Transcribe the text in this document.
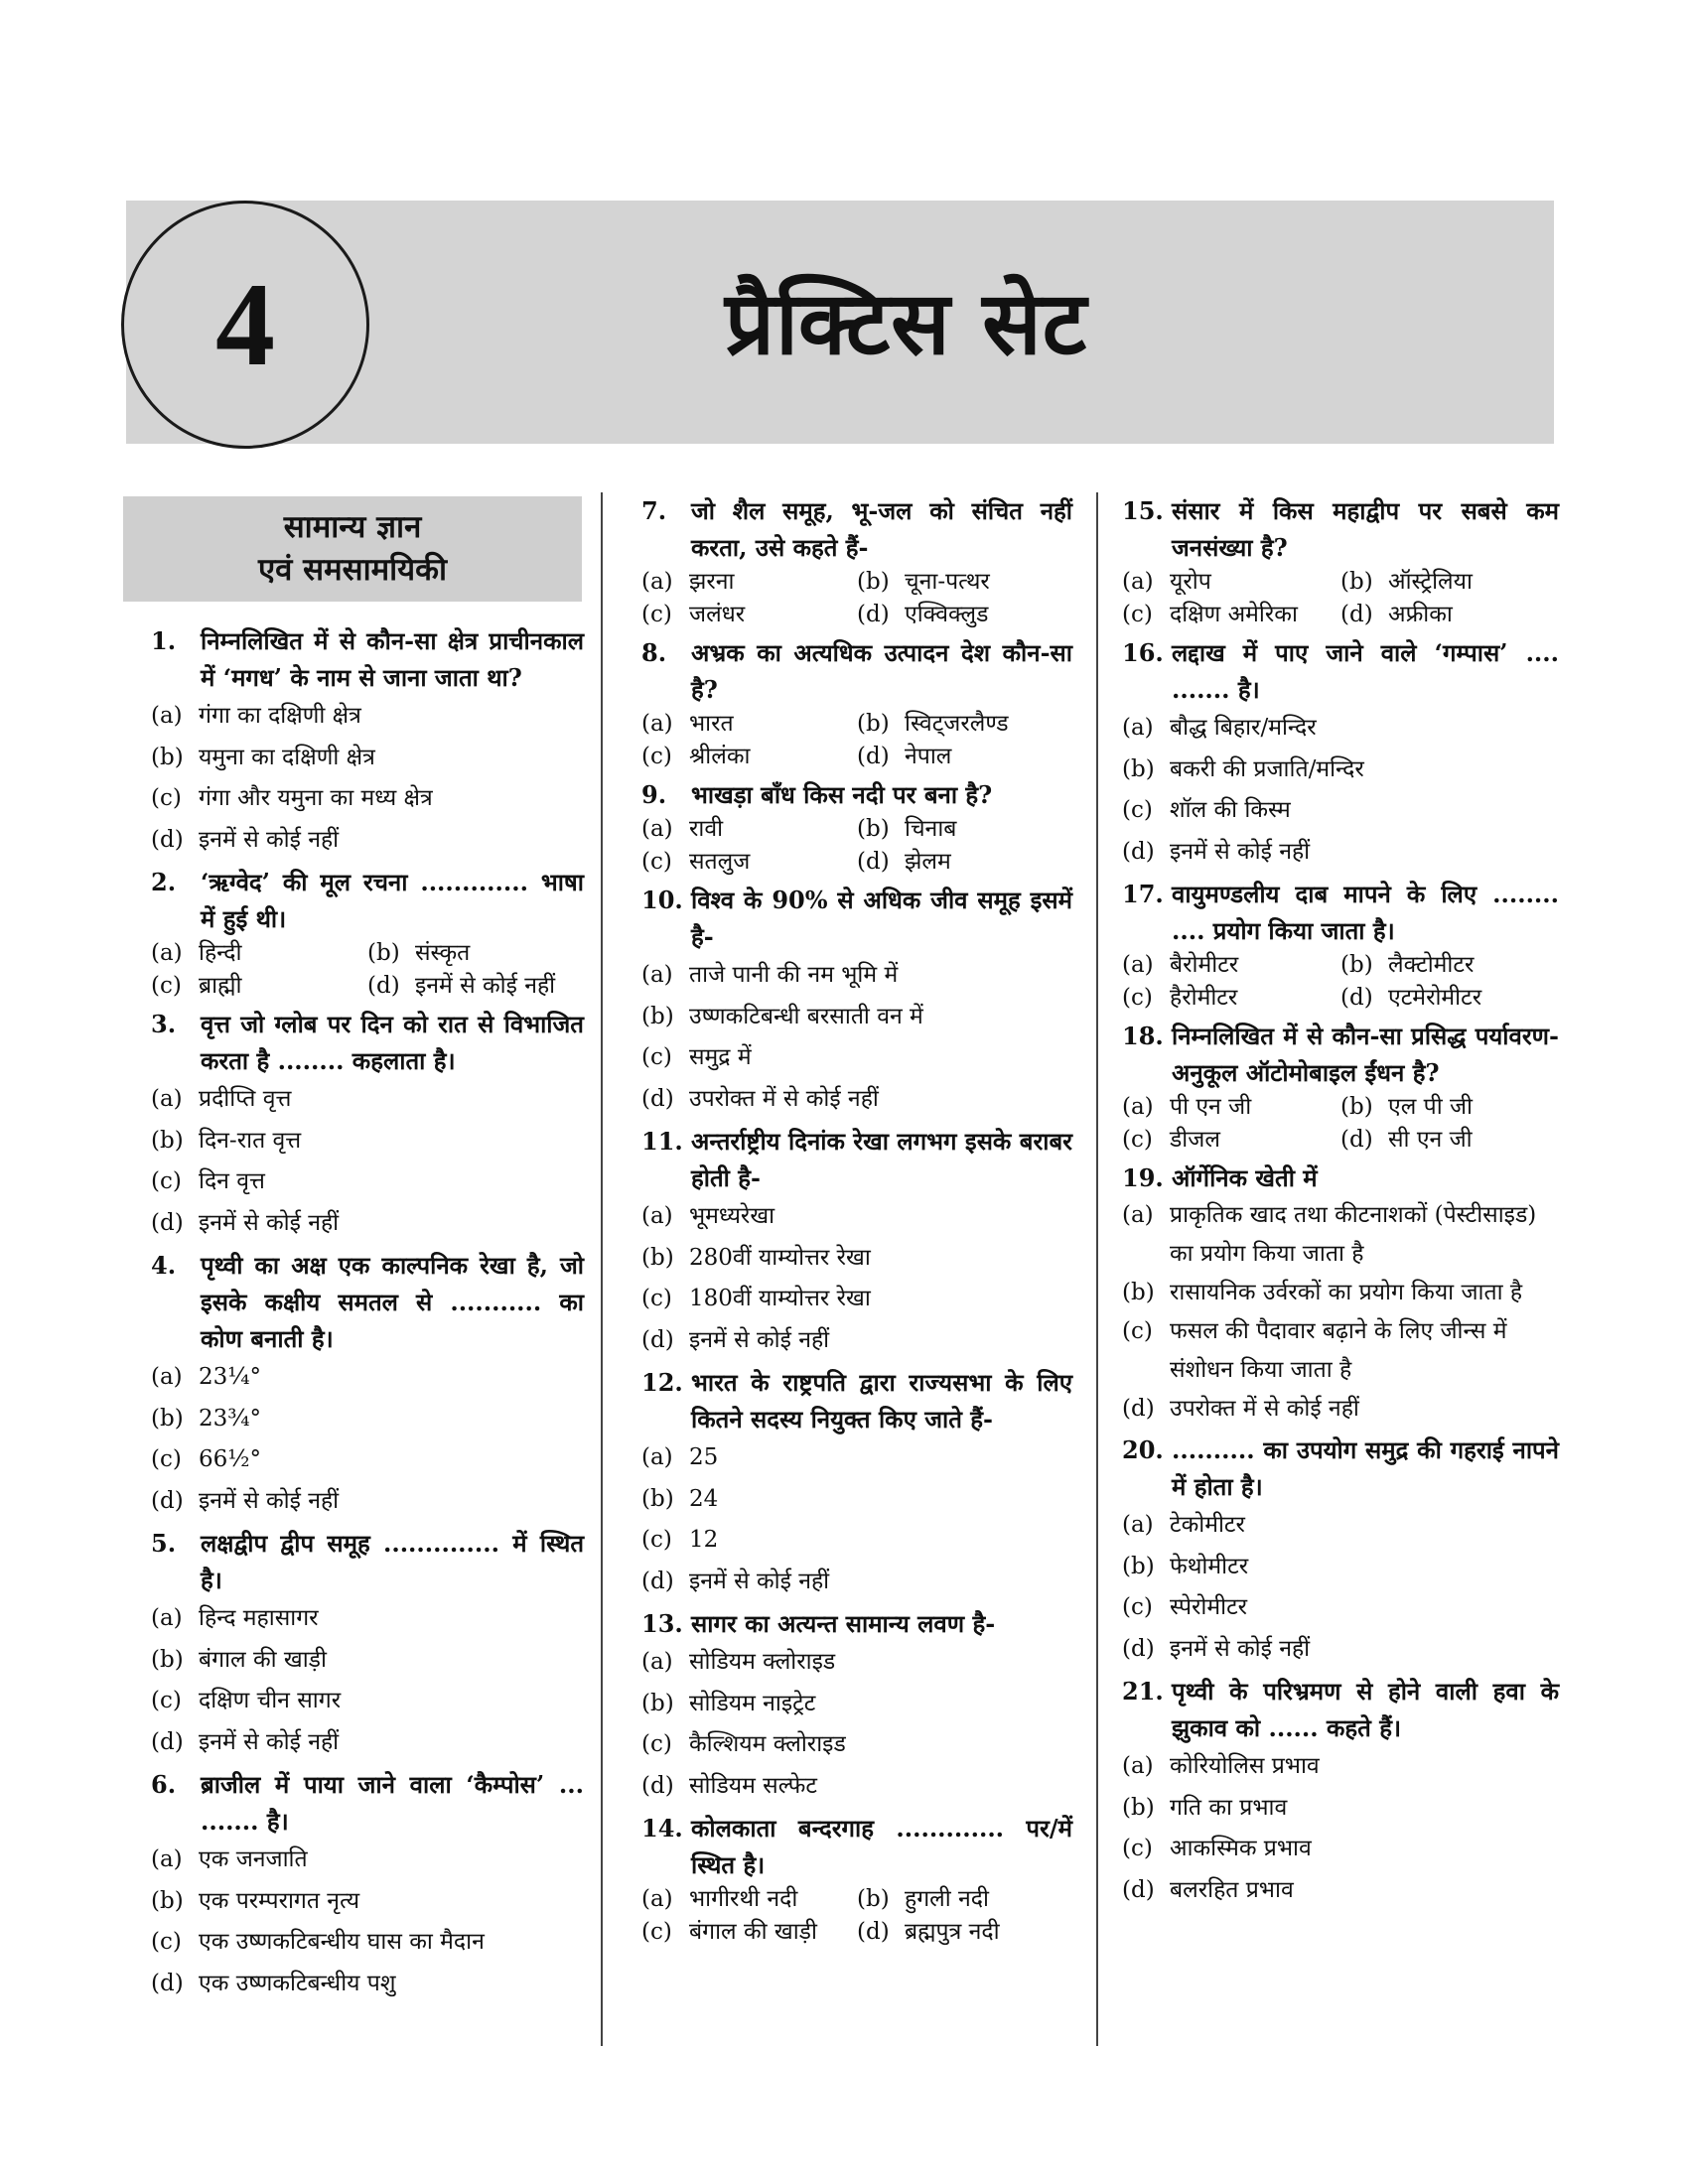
4	प्रैक्टिस सेट
सामान्य ज्ञान
एवं समसामयिकी
1. निम्नलिखित में से कौन-सा क्षेत्र प्राचीनकाल में ‘मगध’ के नाम से जाना जाता था?
(a) गंगा का दक्षिणी क्षेत्र
(b) यमुना का दक्षिणी क्षेत्र
(c) गंगा और यमुना का मध्य क्षेत्र
(d) इनमें से कोई नहीं
2. ‘ऋग्वेद’ की मूल रचना ............. भाषा में हुई थी।
(a) हिन्दी	(b) संस्कृत
(c) ब्राह्मी	(d) इनमें से कोई नहीं
3. वृत्त जो ग्लोब पर दिन को रात से विभाजित करता है ........ कहलाता है।
(a) प्रदीप्ति वृत्त
(b) दिन-रात वृत्त
(c) दिन वृत्त
(d) इनमें से कोई नहीं
4. पृथ्वी का अक्ष एक काल्पनिक रेखा है, जो इसके कक्षीय समतल से ........... का कोण बनाती है।
(a) 23¼°
(b) 23¾°
(c) 66½°
(d) इनमें से कोई नहीं
5. लक्षद्वीप द्वीप समूह .............. में स्थित है।
(a) हिन्द महासागर
(b) बंगाल की खाड़ी
(c) दक्षिण चीन सागर
(d) इनमें से कोई नहीं
6. ब्राजील में पाया जाने वाला ‘कैम्पोस’ ... ....... है।
(a) एक जनजाति
(b) एक परम्परागत नृत्य
(c) एक उष्णकटिबन्धीय घास का मैदान
(d) एक उष्णकटिबन्धीय पशु
7. जो शैल समूह, भू-जल को संचित नहीं करता, उसे कहते हैं-
(a) झरना	(b) चूना-पत्थर
(c) जलंधर	(d) एक्विक्लुड
8. अभ्रक का अत्यधिक उत्पादन देश कौन-सा है?
(a) भारत	(b) स्विट्जरलैण्ड
(c) श्रीलंका	(d) नेपाल
9. भाखड़ा बाँध किस नदी पर बना है?
(a) रावी	(b) चिनाब
(c) सतलुज	(d) झेलम
10. विश्व के 90% से अधिक जीव समूह इसमें है-
(a) ताजे पानी की नम भूमि में
(b) उष्णकटिबन्धी बरसाती वन में
(c) समुद्र में
(d) उपरोक्त में से कोई नहीं
11. अन्तर्राष्ट्रीय दिनांक रेखा लगभग इसके बराबर होती है-
(a) भूमध्यरेखा
(b) 280वीं याम्योत्तर रेखा
(c) 180वीं याम्योत्तर रेखा
(d) इनमें से कोई नहीं
12. भारत के राष्ट्रपति द्वारा राज्यसभा के लिए कितने सदस्य नियुक्त किए जाते हैं-
(a) 25
(b) 24
(c) 12
(d) इनमें से कोई नहीं
13. सागर का अत्यन्त सामान्य लवण है-
(a) सोडियम क्लोराइड
(b) सोडियम नाइट्रेट
(c) कैल्शियम क्लोराइड
(d) सोडियम सल्फेट
14. कोलकाता बन्दरगाह ............. पर/में स्थित है।
(a) भागीरथी नदी	(b) हुगली नदी
(c) बंगाल की खाड़ी	(d) ब्रह्मपुत्र नदी
15. संसार में किस महाद्वीप पर सबसे कम जनसंख्या है?
(a) यूरोप	(b) ऑस्ट्रेलिया
(c) दक्षिण अमेरिका	(d) अफ्रीका
16. लद्दाख में पाए जाने वाले ‘गम्पास’ .... ....... है।
(a) बौद्ध बिहार/मन्दिर
(b) बकरी की प्रजाति/मन्दिर
(c) शॉल की किस्म
(d) इनमें से कोई नहीं
17. वायुमण्डलीय दाब मापने के लिए ........ .... प्रयोग किया जाता है।
(a) बैरोमीटर	(b) लैक्टोमीटर
(c) हैरोमीटर	(d) एटमेरोमीटर
18. निम्नलिखित में से कौन-सा प्रसिद्ध पर्यावरण-अनुकूल ऑटोमोबाइल ईंधन है?
(a) पी एन जी	(b) एल पी जी
(c) डीजल	(d) सी एन जी
19. ऑर्गेनिक खेती में
(a) प्राकृतिक खाद तथा कीटनाशकों (पेस्टीसाइड) का प्रयोग किया जाता है
(b) रासायनिक उर्वरकों का प्रयोग किया जाता है
(c) फसल की पैदावार बढ़ाने के लिए जीन्स में संशोधन किया जाता है
(d) उपरोक्त में से कोई नहीं
20. .......... का उपयोग समुद्र की गहराई नापने में होता है।
(a) टेकोमीटर
(b) फेथोमीटर
(c) स्पेरोमीटर
(d) इनमें से कोई नहीं
21. पृथ्वी के परिभ्रमण से होने वाली हवा के झुकाव को ...... कहते हैं।
(a) कोरियोलिस प्रभाव
(b) गति का प्रभाव
(c) आकस्मिक प्रभाव
(d) बलरहित प्रभाव
